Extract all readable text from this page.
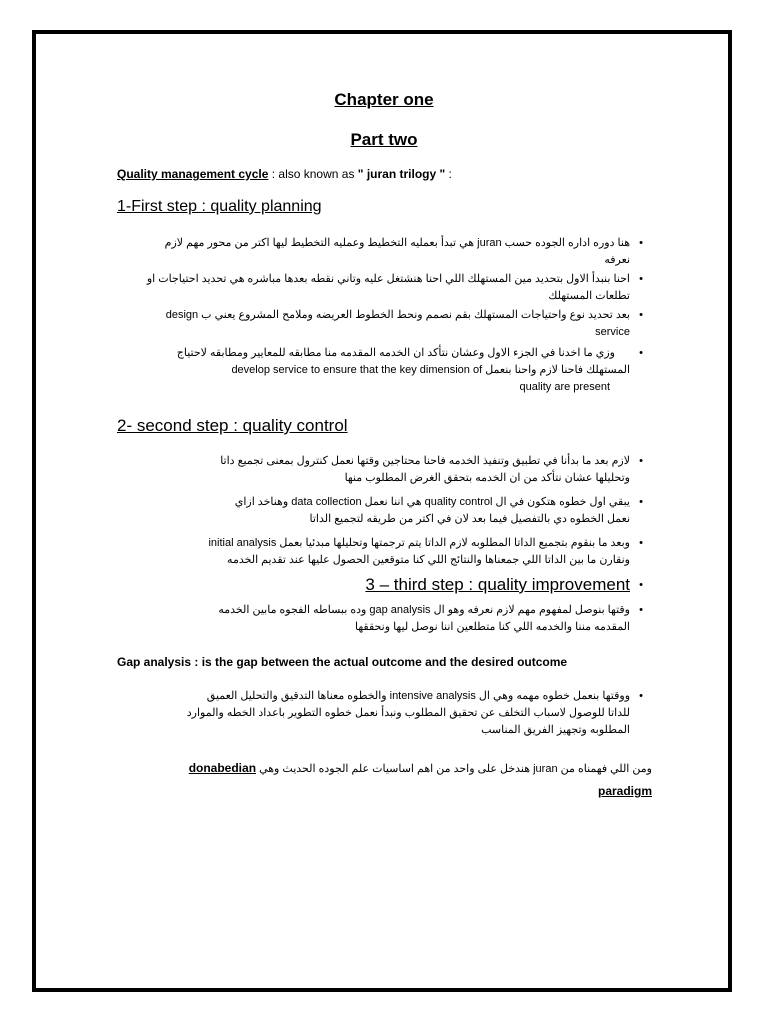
Chapter one
Part two
Quality management cycle : also known as " juran trilogy " :
1-First step : quality planning
•
هنا دوره اداره الجوده حسب juran هي تبدأ بعمليه التخطيط وعمليه التخطيط ليها اكتر من محور مهم لازم
نعرفه
•
احنا بنبدأ الاول بتحديد مين المستهلك اللي احنا هنشتغل عليه وتاني نقطه بعدها مباشره هي تحديد احتياجات او
تطلعات المستهلك
•
بعد تحديد نوع واحتياجات المستهلك بقم نصمم ونحط الخطوط العريضه وملامح المشروع يعني ب design
service
•
وزي ما اخدنا في الجزء الاول وعشان نتأكد ان الخدمه المقدمه منا مطابقه للمعايير ومطابقه لاحتياج
المستهلك فاحنا لازم واحنا بنعمل develop service to ensure that the key dimension of
quality are present
2- second step : quality control
•
لازم بعد ما بدأنا في تطبيق وتنفيذ الخدمه فاحنا محتاجين وقتها نعمل كنترول بمعنى تجميع داتا
وتحليلها عشان نتأكد من ان الخدمه بتحقق الغرض المطلوب منها
•
يبقي اول خطوه هتكون في ال quality control هي اننا نعمل data collection وهناخد ازاي
نعمل الخطوه دي بالتفصيل فيما بعد لان في اكتر من طريقه لتجميع الداتا
•
وبعد ما بنقوم بتجميع الداتا المطلوبه لازم الداتا يتم ترجمتها وتحليلها مبدئيا بعمل initial analysis
ونقارن ما بين الداتا اللي جمعناها والنتائج اللي كنا متوقعين الحصول عليها عند تقديم الخدمه
•
3 – third step : quality improvement
•
وقتها بنوصل لمفهوم مهم لازم نعرفه وهو ال gap analysis وده ببساطه الفجوه مابين الخدمه
المقدمه مننا والخدمه اللي كنا متطلعين اننا نوصل ليها ونحققها
Gap analysis : is the gap between the actual outcome and the desired outcome
•
ووقتها بنعمل خطوه مهمه وهي ال intensive analysis والخطوه معناها التدقيق والتحليل العميق
للداتا للوصول لاسباب التخلف عن تحقيق المطلوب ونبدأ نعمل خطوه التطوير باعداد الخطه والموارد
المطلوبه وتجهيز الفريق المناسب
ومن اللي فهمناه من juran هندخل على واحد من اهم اساسيات علم الجوده الحديث وهي donabedian
paradigm
